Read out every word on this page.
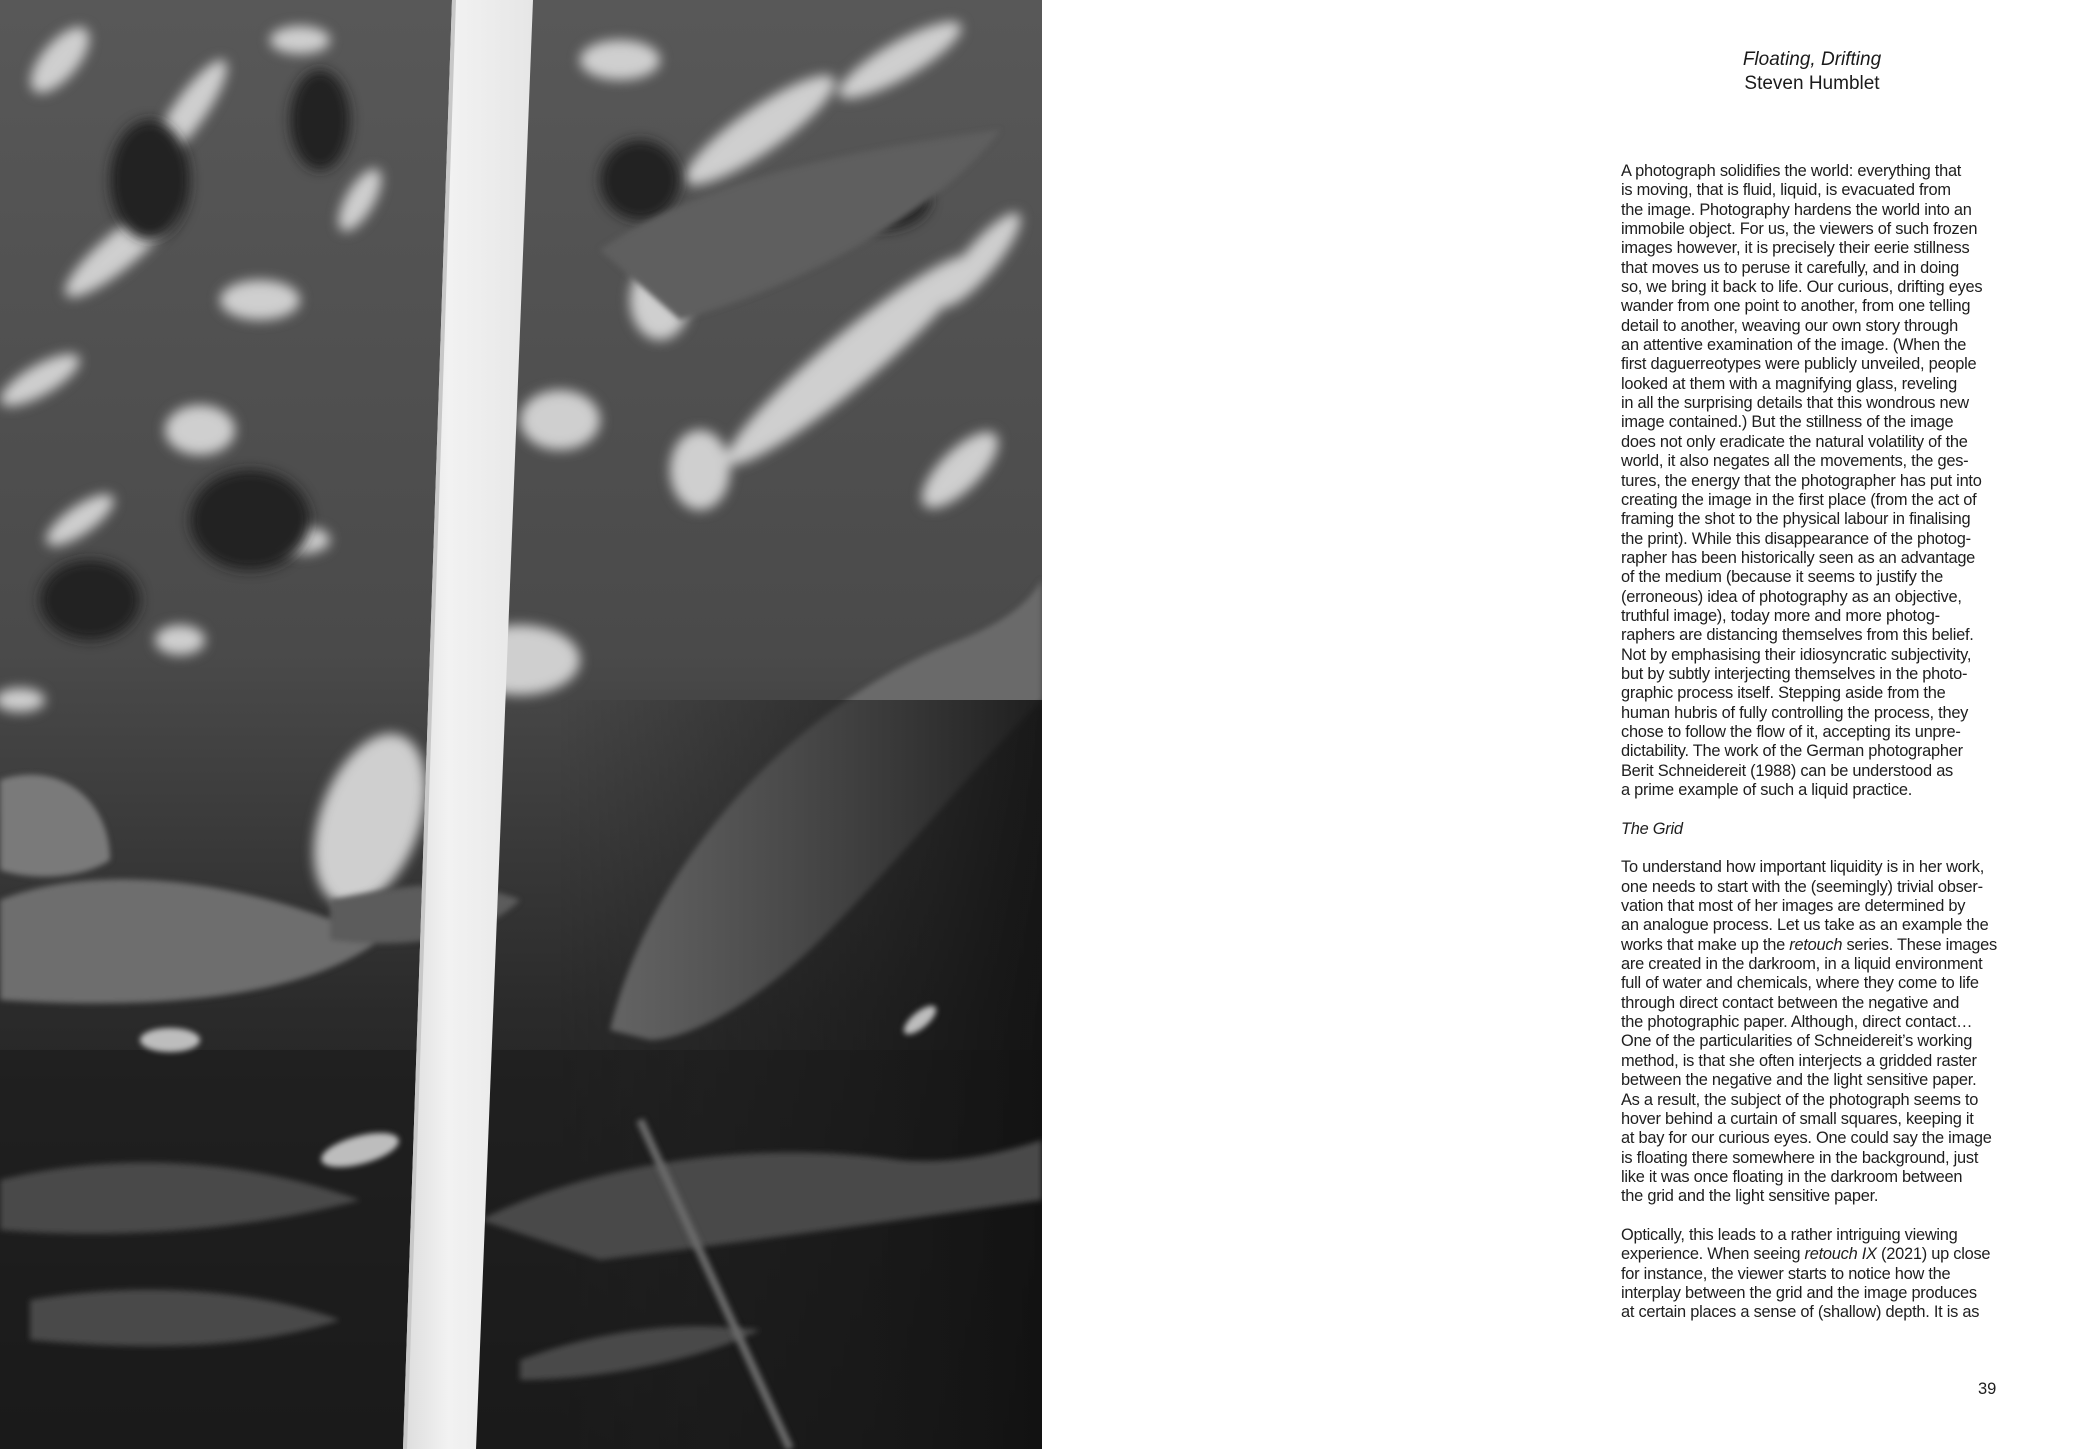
Floating, Drifting
Steven Humblet

A photograph solidifies the world: everything that
is moving, that is fluid, liquid, is evacuated from
the image. Photography hardens the world into an
immobile object. For us, the viewers of such frozen
images however, it is precisely their eerie stillness
that moves us to peruse it carefully, and in doing
so, we bring it back to life. Our curious, drifting eyes
wander from one point to another, from one telling
detail to another, weaving our own story through
an attentive examination of the image. (When the
first daguerreotypes were publicly unveiled, people
looked at them with a magnifying glass, reveling
in all the surprising details that this wondrous new
image contained.) But the stillness of the image
does not only eradicate the natural volatility of the
world, it also negates all the movements, the ges-
tures, the energy that the photographer has put into
creating the image in the first place (from the act of
framing the shot to the physical labour in finalising
the print). While this disappearance of the photog-
rapher has been historically seen as an advantage
of the medium (because it seems to justify the
(erroneous) idea of photography as an objective,
truthful image), today more and more photog-
raphers are distancing themselves from this belief.
Not by emphasising their idiosyncratic subjectivity,
but by subtly interjecting themselves in the photo-
graphic process itself. Stepping aside from the
human hubris of fully controlling the process, they
chose to follow the flow of it, accepting its unpre-
dictability. The work of the German photographer
Berit Schneidereit (1988) can be understood as
a prime example of such a liquid practice.

The Grid

To understand how important liquidity is in her work,
one needs to start with the (seemingly) trivial obser-
vation that most of her images are determined by
an analogue process. Let us take as an example the
works that make up the retouch series. These images
are created in the darkroom, in a liquid environment
full of water and chemicals, where they come to life
through direct contact between the negative and
the photographic paper. Although, direct contact…
One of the particularities of Schneidereit’s working
method, is that she often interjects a gridded raster
between the negative and the light sensitive paper.
As a result, the subject of the photograph seems to
hover behind a curtain of small squares, keeping it
at bay for our curious eyes. One could say the image
is floating there somewhere in the background, just
like it was once floating in the darkroom between
the grid and the light sensitive paper.

Optically, this leads to a rather intriguing viewing
experience. When seeing retouch IX (2021) up close
for instance, the viewer starts to notice how the
interplay between the grid and the image produces
at certain places a sense of (shallow) depth. It is as

39
